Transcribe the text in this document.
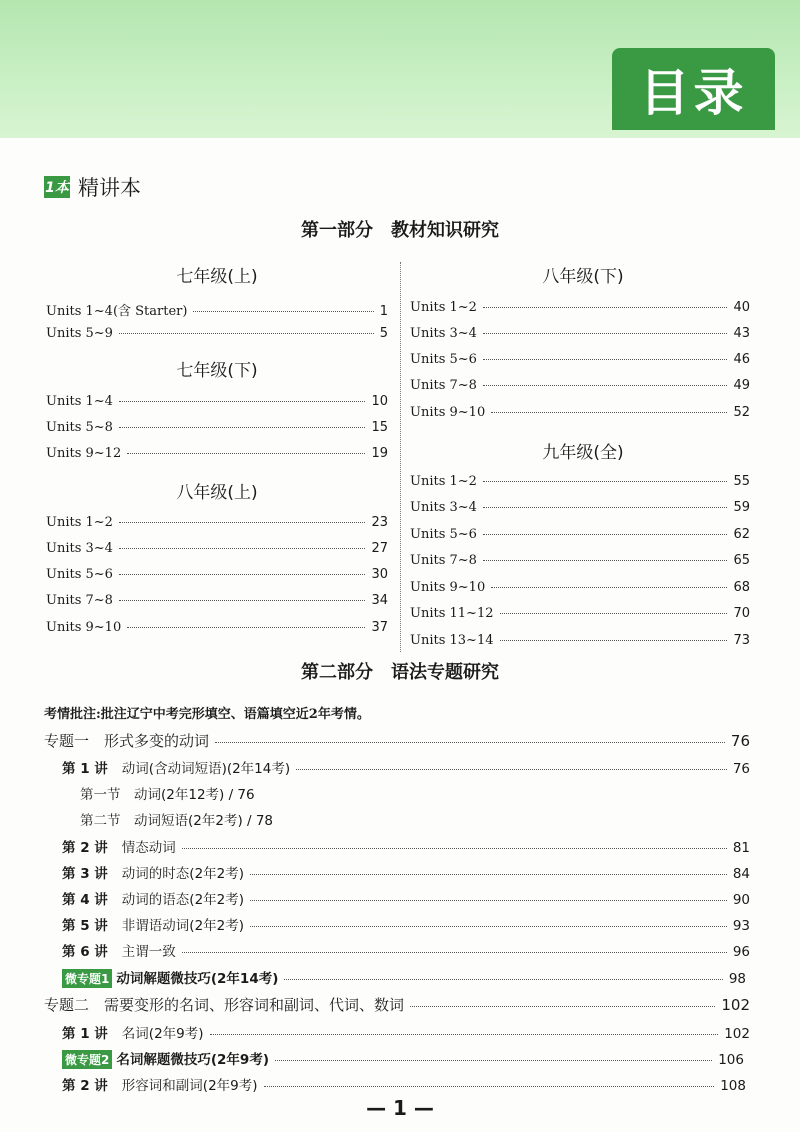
目录
1本 精讲本
第一部分　教材知识研究
七年级(上)
Units 1~4(含 Starter)	1
Units 5~9	5
七年级(下)
Units 1~4	10
Units 5~8	15
Units 9~12	19
八年级(上)
Units 1~2	23
Units 3~4	27
Units 5~6	30
Units 7~8	34
Units 9~10	37
八年级(下)
Units 1~2	40
Units 3~4	43
Units 5~6	46
Units 7~8	49
Units 9~10	52
九年级(全)
Units 1~2	55
Units 3~4	59
Units 5~6	62
Units 7~8	65
Units 9~10	68
Units 11~12	70
Units 13~14	73
第二部分　语法专题研究
考情批注:批注辽宁中考完形填空、语篇填空近2年考情。
专题一　形式多变的动词	76
第 1 讲 动词(含动词短语)(2年14考)	76
第一节　动词(2年12考) / 76
第二节　动词短语(2年2考) / 78
第 2 讲 情态动词	81
第 3 讲 动词的时态(2年2考)	84
第 4 讲 动词的语态(2年2考)	90
第 5 讲 非谓语动词(2年2考)	93
第 6 讲 主谓一致	96
微专题1 动词解题微技巧(2年14考)	98
专题二　需要变形的名词、形容词和副词、代词、数词	102
第 1 讲 名词(2年9考)	102
微专题2 名词解题微技巧(2年9考)	106
第 2 讲 形容词和副词(2年9考)	108
— 1 —
